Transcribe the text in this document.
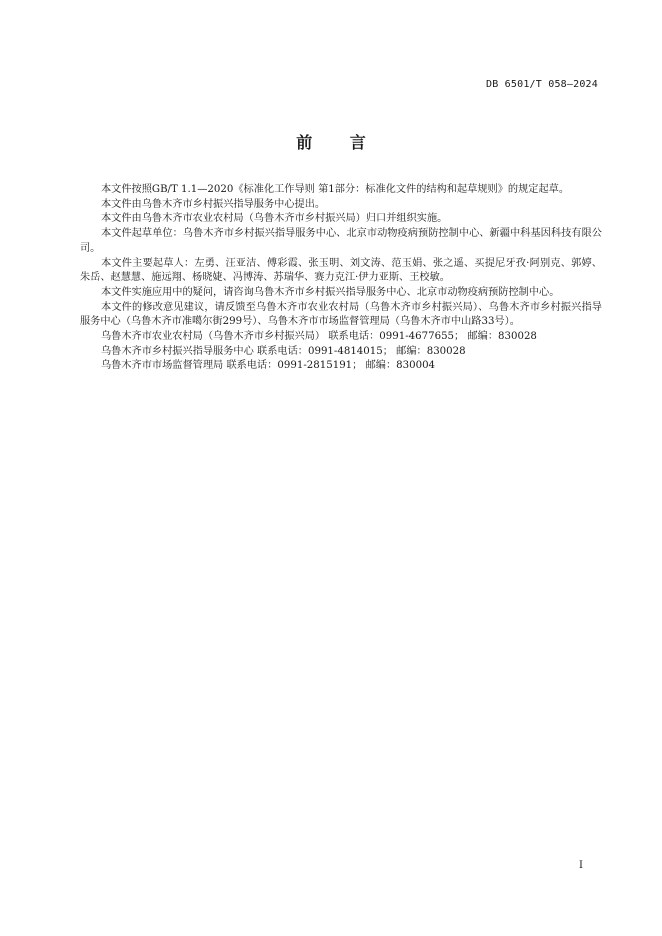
DB 6501/T 058—2024
前 言

本文件按照GB/T 1.1—2020《标准化工作导则 第1部分：标准化文件的结构和起草规则》的规定起草。

本文件由乌鲁木齐市乡村振兴指导服务中心提出。

本文件由乌鲁木齐市农业农村局（乌鲁木齐市乡村振兴局）归口并组织实施。

本文件起草单位：乌鲁木齐市乡村振兴指导服务中心、北京市动物疫病预防控制中心、新疆中科基因科技有限公司。

本文件主要起草人：左勇、汪亚洁、傅彩霞、张玉明、刘文涛、范玉娟、张之遥、买提尼牙孜·阿别克、郭婷、朱岳、赵慧慧、施远翔、杨晓婕、冯博涛、苏瑞华、赛力克江·伊力亚斯、王校敏。

本文件实施应用中的疑问，请咨询乌鲁木齐市乡村振兴指导服务中心、北京市动物疫病预防控制中心。

本文件的修改意见建议，请反馈至乌鲁木齐市农业农村局（乌鲁木齐市乡村振兴局）、乌鲁木齐市乡村振兴指导服务中心（乌鲁木齐市准噶尔街299号）、乌鲁木齐市市场监督管理局（乌鲁木齐市中山路33号）。

乌鲁木齐市农业农村局（乌鲁木齐市乡村振兴局） 联系电话：0991-4677655； 邮编：830028
乌鲁木齐市乡村振兴指导服务中心 联系电话：0991-4814015； 邮编：830028
乌鲁木齐市市场监督管理局 联系电话：0991-2815191； 邮编：830004
I
